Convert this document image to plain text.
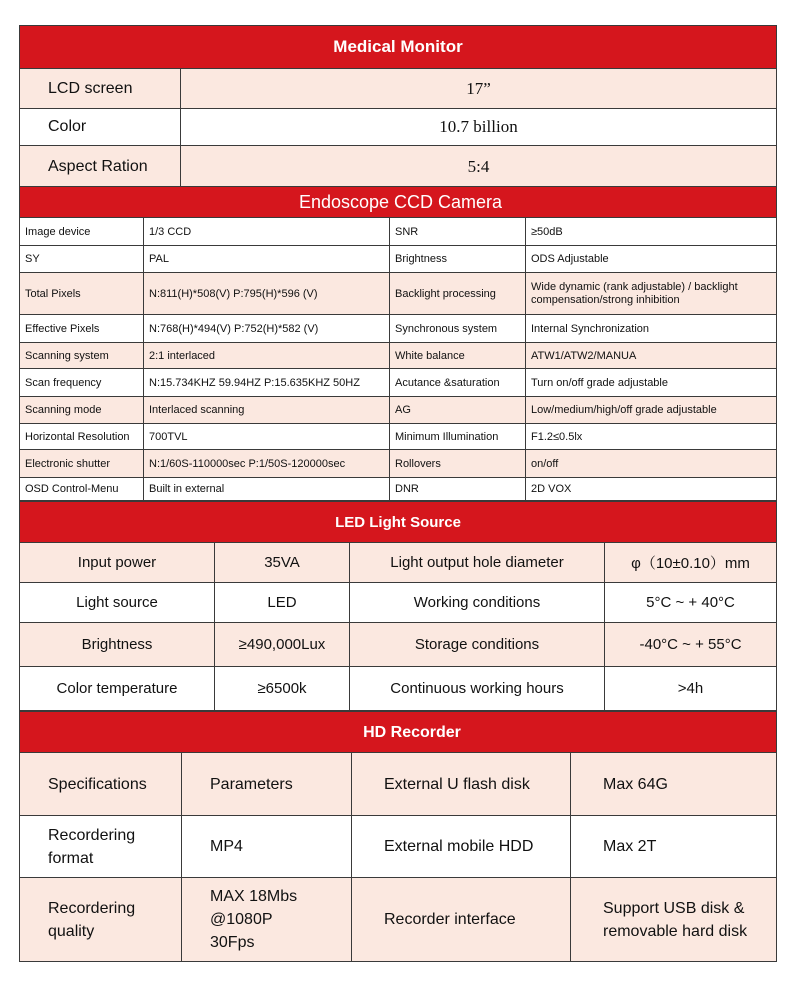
Medical Monitor	
LCD screen	17”
Color	10.7 billion
Aspect Ration	5:4
Endoscope CCD Camera			
Image device	1/3 CCD	SNR	≥50dB
SY	PAL	Brightness	ODS Adjustable
Total Pixels	N:811(H)*508(V) P:795(H)*596 (V)	Backlight processing	Wide dynamic (rank adjustable) / backlight compensation/strong inhibition
Effective Pixels	N:768(H)*494(V) P:752(H)*582 (V)	Synchronous system	Internal Synchronization
Scanning system	2:1 interlaced	White balance	ATW1/ATW2/MANUA
Scan frequency	N:15.734KHZ 59.94HZ P:15.635KHZ 50HZ	Acutance &saturation	Turn on/off grade adjustable
Scanning mode	Interlaced scanning	AG	Low/medium/high/off grade adjustable
Horizontal Resolution	700TVL	Minimum Illumination	F1.2≤0.5lx
Electronic shutter	N:1/60S-110000sec P:1/50S-120000sec	Rollovers	on/off
OSD Control-Menu	Built in external	DNR	2D VOX
LED Light Source			
Input power	35VA	Light output hole diameter	φ（10±0.10）mm
Light source	LED	Working conditions	5°C ~ + 40°C
Brightness	≥490,000Lux	Storage conditions	-40°C ~ + 55°C
Color temperature	≥6500k	Continuous working hours	>4h
HD Recorder			
Specifications	Parameters	External U flash disk	Max 64G
Recordering format	MP4	External mobile HDD	Max 2T
Recordering quality	MAX 18Mbs @1080P 30Fps	Recorder interface	Support USB disk & removable hard disk
